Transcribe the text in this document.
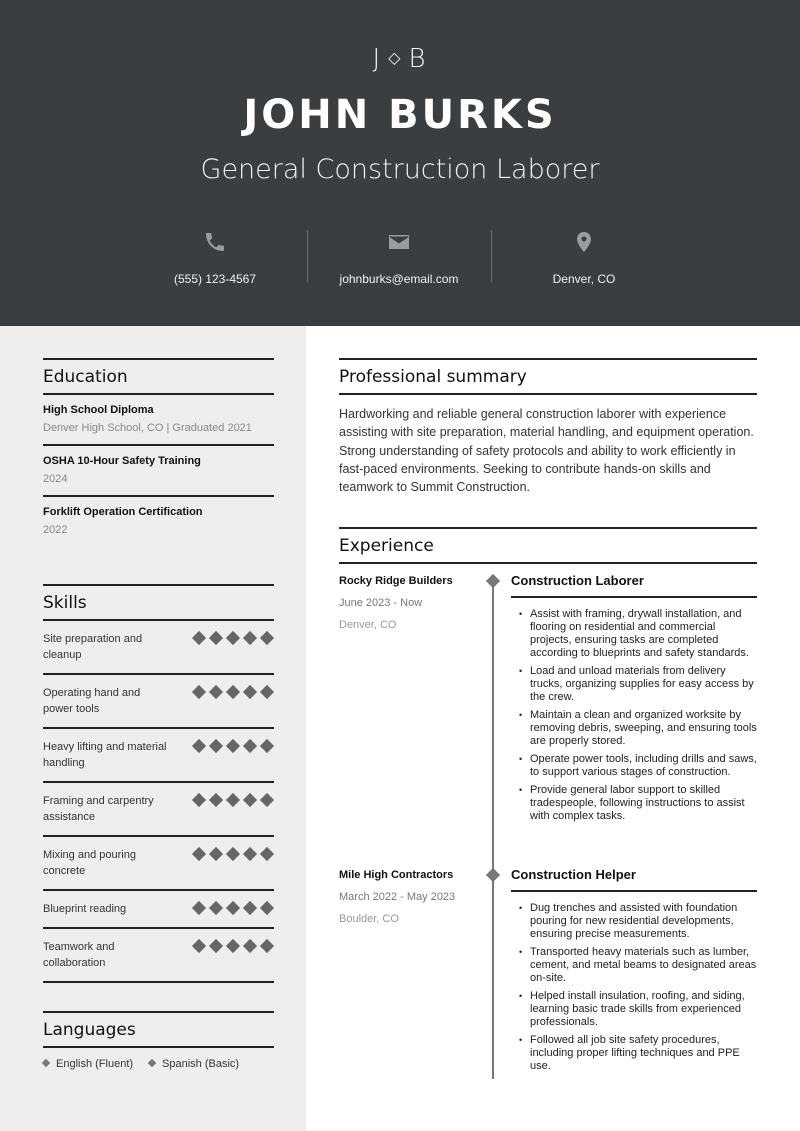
J ◇ B
JOHN BURKS
General Construction Laborer
(555) 123-4567	johnburks@email.com	Denver, CO
Education
High School Diploma
Denver High School, CO | Graduated 2021
OSHA 10-Hour Safety Training
2024
Forklift Operation Certification
2022
Skills
Site preparation and cleanup
Operating hand and power tools
Heavy lifting and material handling
Framing and carpentry assistance
Mixing and pouring concrete
Blueprint reading
Teamwork and collaboration
Languages
English (Fluent)	Spanish (Basic)
Professional summary
Hardworking and reliable general construction laborer with experience assisting with site preparation, material handling, and equipment operation. Strong understanding of safety protocols and ability to work efficiently in fast-paced environments. Seeking to contribute hands-on skills and teamwork to Summit Construction.
Experience
Rocky Ridge Builders
June 2023 - Now
Denver, CO
Construction Laborer
• Assist with framing, drywall installation, and flooring on residential and commercial projects, ensuring tasks are completed according to blueprints and safety standards.
• Load and unload materials from delivery trucks, organizing supplies for easy access by the crew.
• Maintain a clean and organized worksite by removing debris, sweeping, and ensuring tools are properly stored.
• Operate power tools, including drills and saws, to support various stages of construction.
• Provide general labor support to skilled tradespeople, following instructions to assist with complex tasks.
Mile High Contractors
March 2022 - May 2023
Boulder, CO
Construction Helper
• Dug trenches and assisted with foundation pouring for new residential developments, ensuring precise measurements.
• Transported heavy materials such as lumber, cement, and metal beams to designated areas on-site.
• Helped install insulation, roofing, and siding, learning basic trade skills from experienced professionals.
• Followed all job site safety procedures, including proper lifting techniques and PPE use.
